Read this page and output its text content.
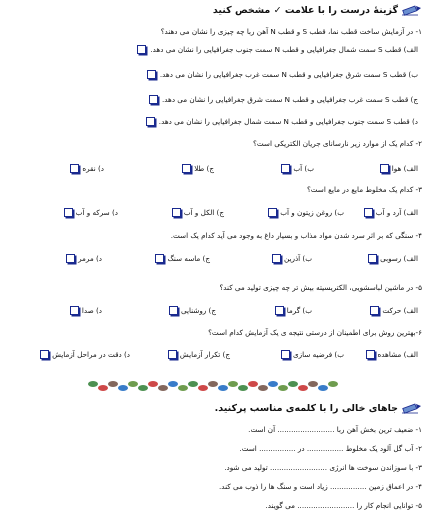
گزینهٔ درست را با علامت ✓ مشخص کنید
۱- در آزمایش ساخت قطب نما، قطب S و قطب N آهن ربا چه چیزی را نشان می دهند؟
الف) قطب S سمت شمال جغرافیایی و قطب N سمت جنوب جغرافیایی را نشان می دهد.
ب) قطب S سمت شرق جغرافیایی و قطب N سمت غرب جغرافیایی را نشان می دهد.
ج) قطب S سمت غرب جغرافیایی و قطب N سمت شرق جغرافیایی را نشان می دهد.
د) قطب S سمت جنوب جغرافیایی و قطب N سمت شمال جغرافیایی را نشان می دهد.
۲- کدام یک از موارد زیر نارسانای جریان الکتریکی است؟
الف) هوا
ب) آب
ج) طلا
د) نقره
۳- کدام یک مخلوط مایع در مایع است؟
الف) آرد و آب
ب) روغن زیتون و آب
ج) الکل و آب
د) سرکه و آب
۴- سنگی که بر اثر سرد شدن مواد مذاب و بسیار داغ به وجود می آید کدام یک است.
الف) رسوبی
ب) آذرین
ج) ماسه سنگ
د) مرمر
۵- در ماشین لباسشویی، الکتریسیته بیش تر چه چیزی تولید می کند؟
الف) حرکت
ب) گرما
ج) روشنایی
د) صدا
۶-بهترین روش برای اطمینان از درستی نتیجه ی یک آزمایش کدام است؟
الف) مشاهده
ب) فرضیه سازی
ج) تکرار آزمایش
د) دقت در مراحل آزمایش
جاهای خالی را با کلمه‌ی مناسب پرکنید.
۱- ضعیف ترین بخش آهن ربا ......................... آن است.
۲- آب گل آلود یک مخلوط ................ در ................ است.
۳- با سوزاندن سوخت ها انرژی ......................... تولید می شود.
۴- در اعماق زمین ................ زیاد است و سنگ ها را ذوب می کند.
۵- توانایی انجام کار را ......................... می گویند.
